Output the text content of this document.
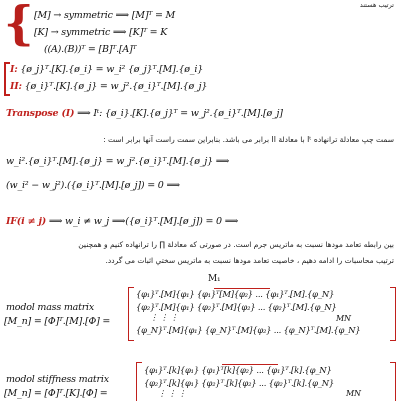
ترتيب هستند
{ [M] → symmetric ⟹ [M]ᵀ = M
[K] → symmetric ⟹ [K]ᵀ = K
((A).(B))ᵀ = [B]ᵀ.[A]ᵀ
I: {ø_j}ᵀ.[K].{ø_i} = w_i² {ø_j}ᵀ.[M].{ø_i}
II: {ø_i}ᵀ.[K].{ø_j} = w_j².{ø_i}ᵀ.[M].{ø_j}
Transpose (I) ⟹ Iᵗ: {ø_i}.[K].{ø_j}ᵀ = w_j².{ø_i}ᵀ.[M].[ø_j]
سمت چپ معادلة ترانهاده Iᵗ با معادلة II برابر می باشد. بنابراین سمت راست آنها برابر است :
w_i².{ø_i}ᵀ.[M].{ø_j} = w_j².{ø_i}ᵀ.[M].{ø_j} ⟹
(w_i² − w_j²).({ø_i}ᵀ.[M].[ø_j]) = 0 ⟹
IF(i ≠ j) ⟹ w_i ≠ w_j ⟹({ø_i}ᵀ.[M].[ø_j]) = 0 ⟹
بين رابطه تعامد مودها نسبت به ماتريس جرم است. در صورتی كه معادلة ∏ را ترانهاده كنيم و همچنين
ترتيب محاسبات را ادامه دهيم ، خاصيت تعامد مودها نسبت به ماتريس سختي اثبات می گردد.
M₁
modol mass matrix
[M_n] = [Φ]ᵀ.[M].[Φ] =
{φ₁}ᵀ.[M]{φ₁} {φ₁}ᵀ[M]{φ₂} ... {φ₁}ᵀ.[M].{φ_N}
{φ₂}ᵀ.[M]{φ₁} {φ₂}ᵀ.[M]{φ₂} ... {φ₂}ᵀ.[M].{φ_N}
⋮ ⋮ ⋮
{φ_N}ᵀ.[M]{φ₁} {φ_N}ᵀ.[M]{φ₂} ... {φ_N}ᵀ.[M].{φ_N}
MN
modol stiffness matrix
[M_n] = [Φ]ᵀ.[K].[Φ] =
{φ₁}ᵀ.[k]{φ₁} {φ₁}ᵀ[k]{φ₂} ... {φ₁}ᵀ.[k].{φ_N}
{φ₂}ᵀ.[k]{φ₁} {φ₂}ᵀ.[k]{φ₂} ... {φ₂}ᵀ.[k].{φ_N}
⋮ ⋮ ⋮	MN
